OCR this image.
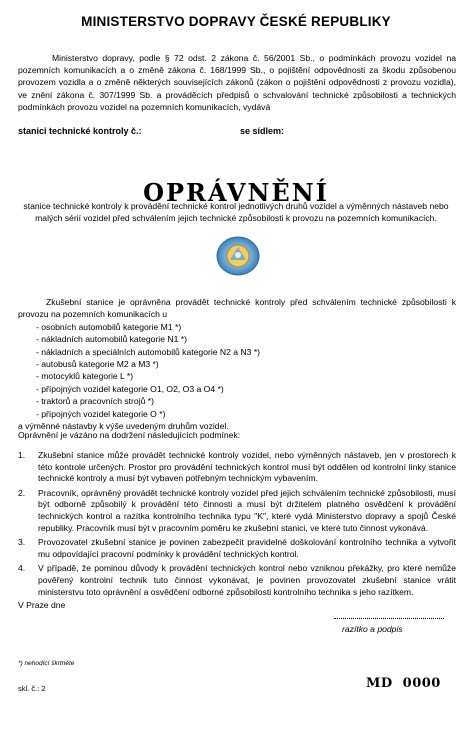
MINISTERSTVO DOPRAVY ČESKÉ REPUBLIKY
Ministerstvo dopravy, podle § 72 odst. 2 zákona č. 56/2001 Sb., o podmínkách provozu vozidel na pozemních komunikacích a o změně zákona č. 168/1999 Sb., o pojištění odpovědnosti za škodu způsobenou provozem vozidla a o změně některých souvisejících zákonů (zákon o pojištění odpovědnosti z provozu vozidla), ve znění zákona č. 307/1999 Sb. a prováděcích předpisů o schvalování technické způsobilosti a technických podmínkách provozu vozidel na pozemních komunikacích, vydává
stanici technické kontroly č.:	se sídlem:
OPRÁVNĚNÍ
stanice technické kontroly k provádění technické kontrol jednotlivých druhů vozidel a výměnných nástaveb nebo malých sérií vozidel před schválením jejich technické způsobilosti k provozu na pozemních komunikacích.
Zkušební stanice je oprávněna provádět technické kontroly před schválením technické způsobilosti k provozu na pozemních komunikacích u
- osobních automobilů kategorie M1 *)
- nákladních automobilů kategorie N1 *)
- nákladních a speciálních automobilů kategorie N2 a N3 *)
- autobusů kategorie M2 a M3 *)
- motocyklů kategorie L *)
- přípojných vozidel kategorie O1, O2, O3 a O4 *)
- traktorů a pracovních strojů *)
- přípojných vozidel kategorie O *)
a výměnné nástavby k výše uvedeným druhům vozidel.
Oprávnění je vázáno na dodržení následujících podmínek:
1.	Zkušební stanice může provádět technické kontroly vozidel, nebo výměnných nástaveb, jen v prostorech k této kontrole určených. Prostor pro provádění technických kontrol musí být oddělen od kontrolní linky stanice technické kontroly a musí být vybaven potřebným technickým vybavením.
2.	Pracovník, oprávněný provádět technické kontroly vozidel před jejich schválením technické způsobilosti, musí být odborně způsobilý k provádění této činnosti a musí být držitelem platného osvědčení k provádění technických kontrol a razítka kontrolního technika typu "K", které vydá Ministerstvo dopravy a spojů České republiky. Pracovník musí být v pracovním poměru ke zkušební stanici, ve které tuto činnost vykonává.
3.	Provozovatel zkušební stanice je povinen zabezpečit pravidelné doškolování kontrolního technika a vytvořit mu odpovídající pracovní podmínky k provádění technických kontrol.
4.	V případě, že pominou důvody k provádění technických kontrol nebo vzniknou překážky, pro které nemůže pověřený kontrolní technik tuto činnost vykonávat, je povinen provozovatel zkušební stanice vrátit ministerstvu toto oprávnění a osvědčení odborné způsobilosti kontrolního technika s jeho razítkem.
V Praze dne
razítko a podpis
*) nehodící škrtněte
skl. č.: 2	MD 0000
